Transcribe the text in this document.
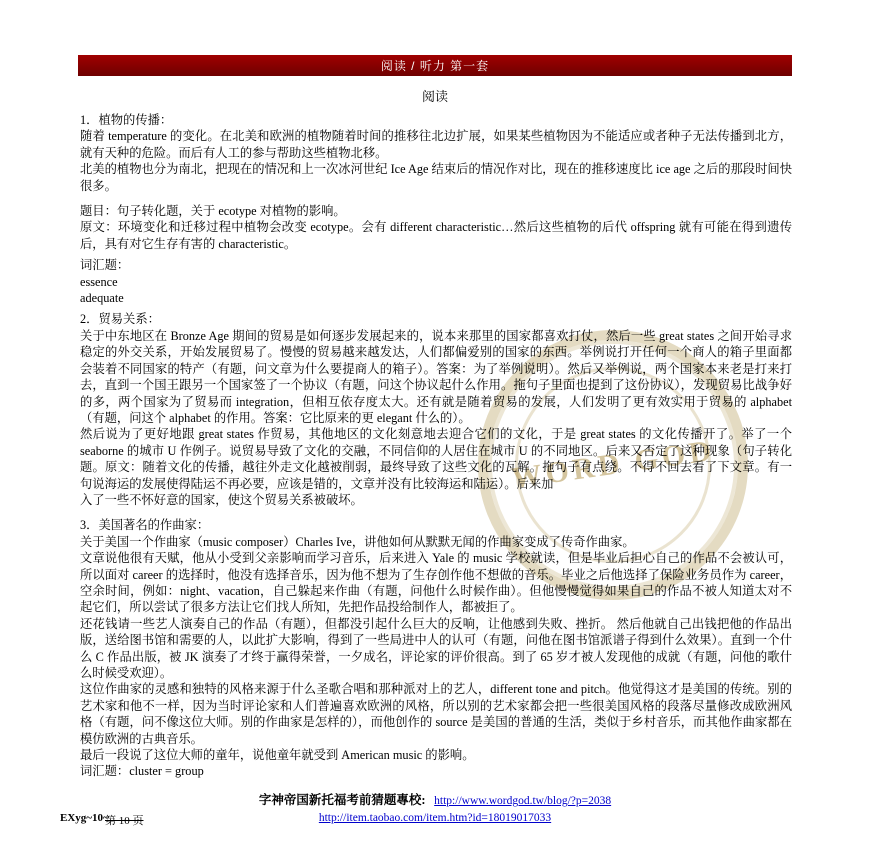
WORD GOD
阅读 / 听力 第一套
阅读

1．植物的传播：

随着 temperature 的变化。在北美和欧洲的植物随着时间的推移往北边扩展，如果某些植物因为不能适应或者种子无法传播到北方，就有天种的危险。而后有人工的参与帮助这些植物北移。

北美的植物也分为南北，把现在的情况和上一次冰河世纪 Ice Age 结束后的情况作对比，现在的推移速度比 ice age 之后的那段时间快很多。

题目：句子转化题，关于 ecotype 对植物的影响。

原文：环境变化和迁移过程中植物会改变 ecotype。会有 different characteristic…然后这些植物的后代 offspring 就有可能在得到遗传后，具有对它生存有害的 characteristic。

词汇题：

essence

adequate

2．贸易关系：

关于中东地区在 Bronze Age 期间的贸易是如何逐步发展起来的，说本来那里的国家都喜欢打仗，然后一些 great states 之间开始寻求稳定的外交关系，开始发展贸易了。慢慢的贸易越来越发达，人们都偏爱别的国家的东西。举例说打开任何一个商人的箱子里面都会装着不同国家的特产（有题，问文章为什么要提商人的箱子）。答案：为了举例说明）。然后又举例说，两个国家本来老是打来打去，直到一个国王跟另一个国家签了一个协议（有题，问这个协议起什么作用。拖句子里面也提到了这份协议），发现贸易比战争好的多，两个国家为了贸易而 integration，但相互依存度太大。还有就是随着贸易的发展，人们发明了更有效实用于贸易的 alphabet（有题，问这个 alphabet 的作用。答案：它比原来的更 elegant 什么的）。

然后说为了更好地跟 great states 作贸易，其他地区的文化刻意地去迎合它们的文化，于是 great states 的文化传播开了。举了一个 seaborne 的城市 U 作例子。说贸易导致了文化的交融，不同信仰的人居住在城市 U 的不同地区。后来又否定了这种现象（句子转化题。原文：随着文化的传播，越往外走文化越被削弱，最终导致了这些文化的瓦解。拖句子有点绕。不得不回去看了下文章。有一句说海运的发展使得陆运不再必要，应该是错的，文章并没有比较海运和陆运）。后来加

入了一些不怀好意的国家，使这个贸易关系被破坏。

3．美国著名的作曲家：

关于美国一个作曲家（music composer）Charles Ive，讲他如何从默默无闻的作曲家变成了传奇作曲家。

文章说他很有天赋，他从小受到父亲影响而学习音乐，后来进入 Yale 的 music 学校就读，但是毕业后担心自己的作品不会被认可，所以面对 career 的选择时，他没有选择音乐，因为他不想为了生存创作他不想做的音乐。毕业之后他选择了保险业务员作为 career，空余时间，例如：night、vacation，自己躲起来作曲（有题，问他什么时候作曲）。但他慢慢觉得如果自己的作品不被人知道太对不起它们，所以尝试了很多方法让它们找人所知，先把作品投给制作人，都被拒了。

还花钱请一些艺人演奏自己的作品（有题），但都没引起什么巨大的反响，让他感到失败、挫折。 然后他就自己出钱把他的作品出版，送给图书馆和需要的人，以此扩大影响，得到了一些局进中人的认可（有题，问他在图书馆派谱子得到什么效果）。直到一个什么 C 作品出版，被 JK 演奏了才终于赢得荣誉，一夕成名，评论家的评价很高。到了 65 岁才被人发现他的成就（有题，问他的歌什么时候受欢迎）。

这位作曲家的灵感和独特的风格来源于什么圣歌合唱和那种派对上的艺人，different tone and pitch。他觉得这才是美国的传统。别的艺术家和他不一样，因为当时评论家和人们普遍喜欢欧洲的风格，所以别的艺术家都会把一些很美国风格的段落尽量修改成欧洲风格（有题，问不像这位大师。别的作曲家是怎样的），而他创作的 source 是美国的普通的生活，类似于乡村音乐，而其他作曲家都在模仿欧洲的古典音乐。

最后一段说了这位大师的童年，说他童年就受到 American music 的影响。

词汇题：cluster = group

字神帝国新托福考前猜题專校: http://www.wordgod.tw/blog/?p=2038
http://item.taobao.com/item.htm?id=18019017033
EXyg~10~
第 10 页
